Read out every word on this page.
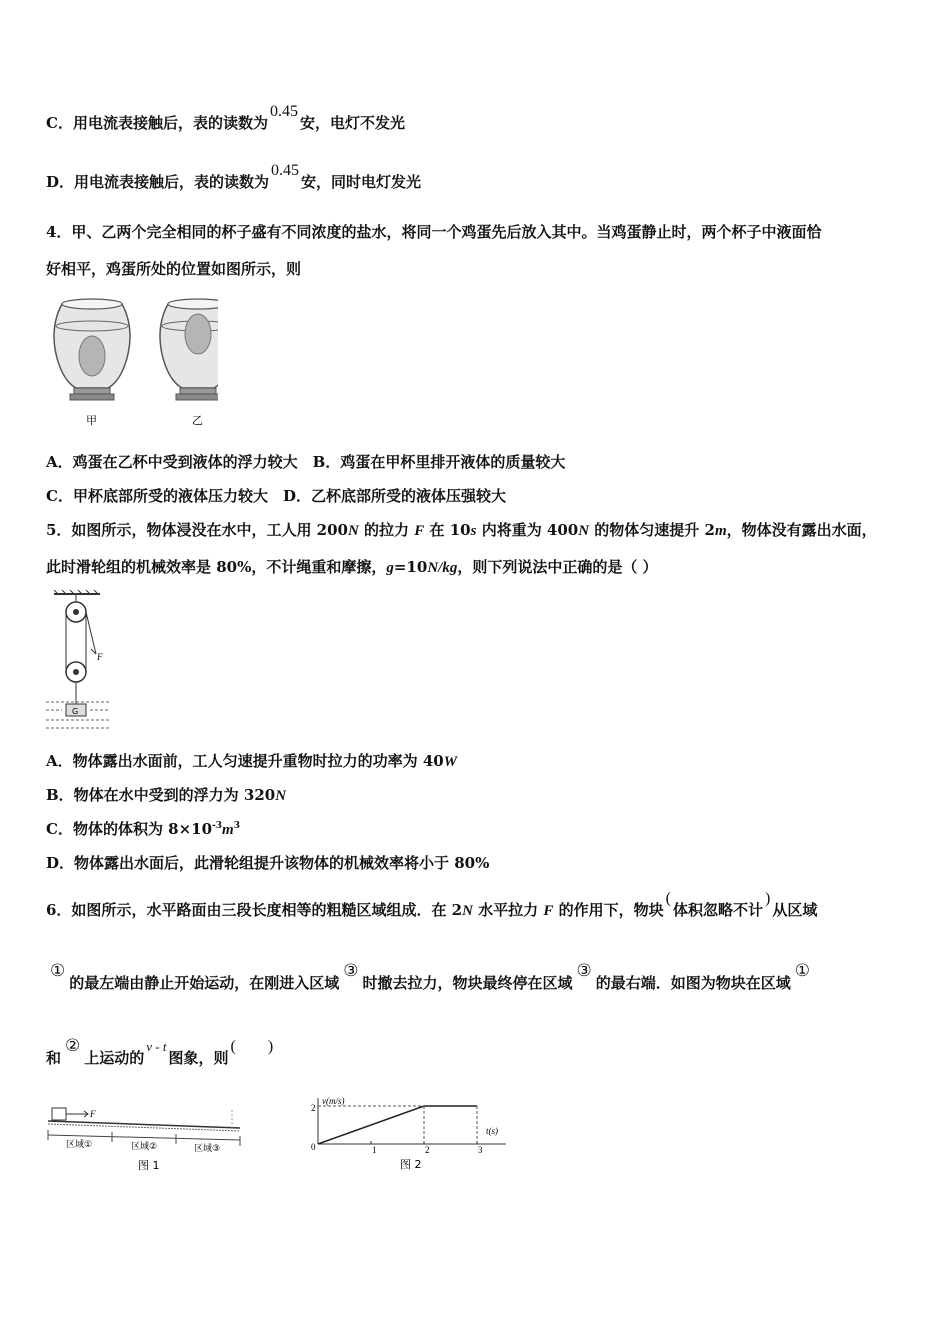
C．用电流表接触后，表的读数为0.45安，电灯不发光
D．用电流表接触后，表的读数为0.45安，同时电灯发光
4．甲、乙两个完全相同的杯子盛有不同浓度的盐水，将同一个鸡蛋先后放入其中。当鸡蛋静止时，两个杯子中液面恰
好相平，鸡蛋所处的位置如图所示，则
甲	乙
A．鸡蛋在乙杯中受到液体的浮力较大　B．鸡蛋在甲杯里排开液体的质量较大
C．甲杯底部所受的液体压力较大　D．乙杯底部所受的液体压强较大
5．如图所示，物体浸没在水中，工人用 200N 的拉力 F 在 10s 内将重为 400N 的物体匀速提升 2m，物体没有露出水面，
此时滑轮组的机械效率是 80%，不计绳重和摩擦，g=10N/kg，则下列说法中正确的是（ ）
F
G
A．物体露出水面前，工人匀速提升重物时拉力的功率为 40W
B．物体在水中受到的浮力为 320N
C．物体的体积为 $8\times 10^{-3}m^3$
D．物体露出水面后，此滑轮组提升该物体的机械效率将小于 80%
6．如图所示，水平路面由三段长度相等的粗糙区域组成．在 2N 水平拉力 F 的作用下，物块(体积忽略不计)从区域
①的最左端由静止开始运动，在刚进入区域③时撤去拉力，物块最终停在区域③的最右端．如图为物块在区域①
和②上运动的v - t图象，则(        )
F
区域①	区域②	区域③
图 1
v(m/s)
t(s)
0	1	2	3
2
图 2
